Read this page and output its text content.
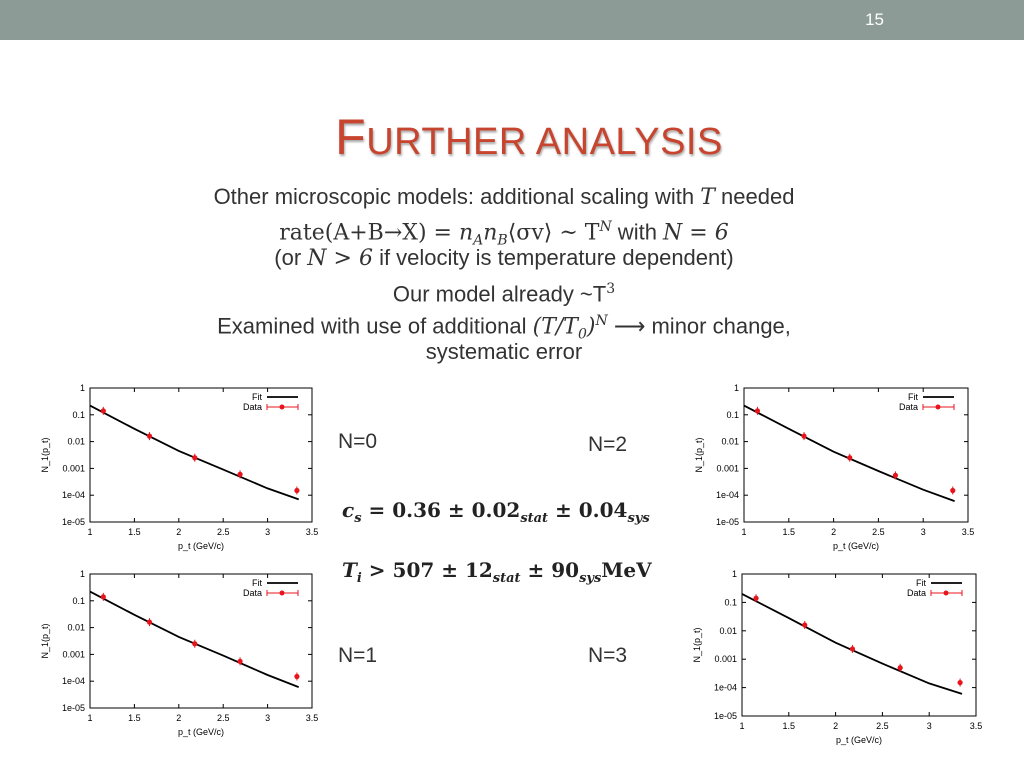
15
FURTHER ANALYSIS
Other microscopic models: additional scaling with T needed
rate(A+B→X) = $n_An_B⟨\sigma v⟩$ ~ $T^N$ with N = 6
(or N > 6 if velocity is temperature dependent)
Our model already $\sim T^3$
Examined with use of additional $(T/T_0)^N$ ⟶ minor change,
systematic error
N=0
N=1
N=2
N=3
$c_s = 0.36 \pm 0.02_{stat} \pm 0.04_{sys}$
$T_i > 507 \pm 12_{stat} \pm 90_{sys}MeV$
1	1.5	2	2.5	3	3.5
1
0.1
0.01
0.001
1e-04
1e-05
p_t (GeV/c)
N_1(p_t)
Fit
Data
1	1.5	2	2.5	3	3.5
1
0.1
0.01
0.001
1e-04
1e-05
p_t (GeV/c)
N_1(p_t)
Fit
Data
1	1.5	2	2.5	3	3.5
1
0.1
0.01
0.001
1e-04
1e-05
p_t (GeV/c)
N_1(p_t)
Fit
Data
1	1.5	2	2.5	3	3.5
1
0.1
0.01
0.001
1e-04
1e-05
p_t (GeV/c)
N_1(p_t)
Fit
Data
